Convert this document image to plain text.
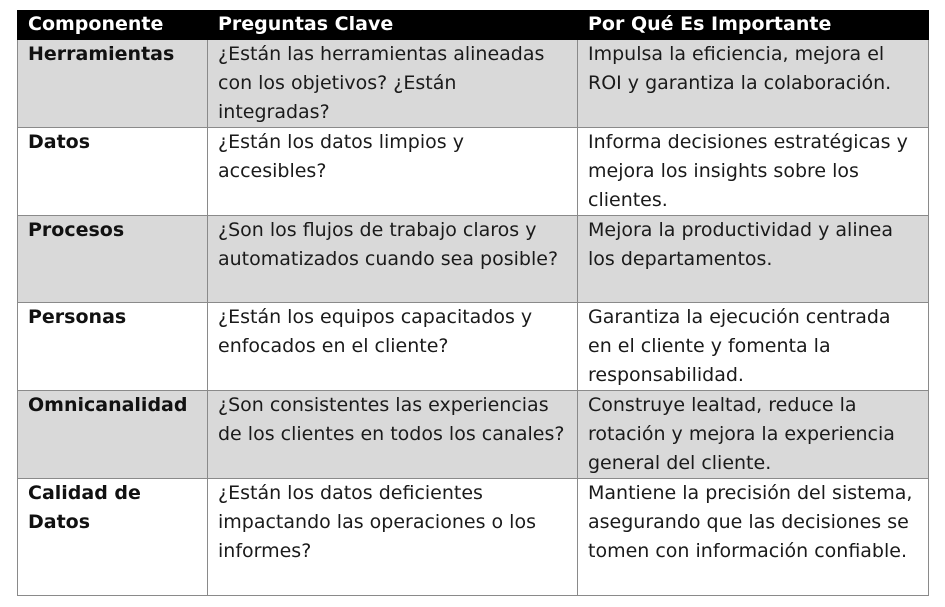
Componente	Preguntas Clave	Por Qué Es Importante
Herramientas	¿Están las herramientas alineadas con los objetivos? ¿Están integradas?	Impulsa la eficiencia, mejora el ROI y garantiza la colaboración.
Datos	¿Están los datos limpios y accesibles?	Informa decisiones estratégicas y mejora los insights sobre los clientes.
Procesos	¿Son los flujos de trabajo claros y automatizados cuando sea posible?	Mejora la productividad y alinea los departamentos.
Personas	¿Están los equipos capacitados y enfocados en el cliente?	Garantiza la ejecución centrada en el cliente y fomenta la responsabilidad.
Omnicanalidad	¿Son consistentes las experiencias de los clientes en todos los canales?	Construye lealtad, reduce la rotación y mejora la experiencia general del cliente.
Calidad de Datos	¿Están los datos deficientes impactando las operaciones o los informes?	Mantiene la precisión del sistema, asegurando que las decisiones se tomen con información confiable.
